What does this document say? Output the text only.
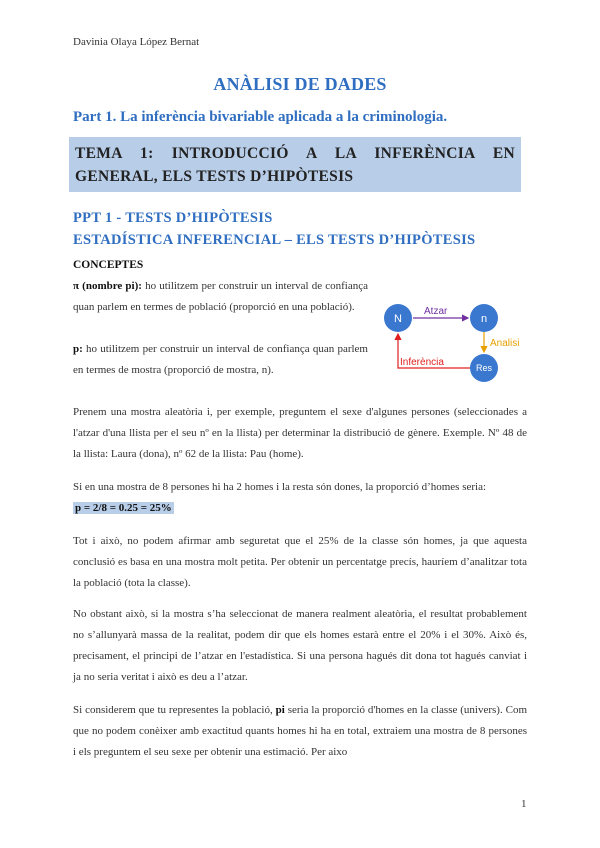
Davinia Olaya López Bernat
ANÀLISI DE DADES
Part 1. La inferència bivariable aplicada a la criminologia.
TEMA 1: INTRODUCCIÓ A LA INFERÈNCIA EN GENERAL, ELS TESTS D’HIPÒTESIS
PPT 1 - TESTS D’HIPÒTESIS
ESTADÍSTICA INFERENCIAL – ELS TESTS D’HIPÒTESIS
CONCEPTES
π (nombre pi): ho utilitzem per construir un interval de confiança quan parlem en termes de població (proporció en una població).
p: ho utilitzem per construir un interval de confiança quan parlem en termes de mostra (proporció de mostra, n).
N	n
Res
Atzar
Analisi
Inferència
Prenem una mostra aleatòria i, per exemple, preguntem el sexe d'algunes persones (seleccionades a l'atzar d'una llista per el seu nº en la llista) per determinar la distribució de gènere. Exemple. Nº 48 de la llista: Laura (dona), nº 62 de la llista: Pau (home).
Si en una mostra de 8 persones hi ha 2 homes i la resta són dones, la proporció d’homes seria:
p = 2/8 = 0.25 = 25%
Tot i això, no podem afirmar amb seguretat que el 25% de la classe són homes, ja que aquesta conclusió es basa en una mostra molt petita. Per obtenir un percentatge precís, hauríem d’analitzar tota la població (tota la classe).
No obstant això, si la mostra s’ha seleccionat de manera realment aleatòria, el resultat probablement no s’allunyarà massa de la realitat, podem dir que els homes estarà entre el 20% i el 30%. Això és, precisament, el principi de l’atzar en l'estadística. Si una persona hagués dit dona tot hagués canviat i ja no seria veritat i això es deu a l’atzar.
Si considerem que tu representes la població, pi seria la proporció d'homes en la classe (univers). Com que no podem conèixer amb exactitud quants homes hi ha en total, extraiem una mostra de 8 persones i els preguntem el seu sexe per obtenir una estimació. Per aixo
1
